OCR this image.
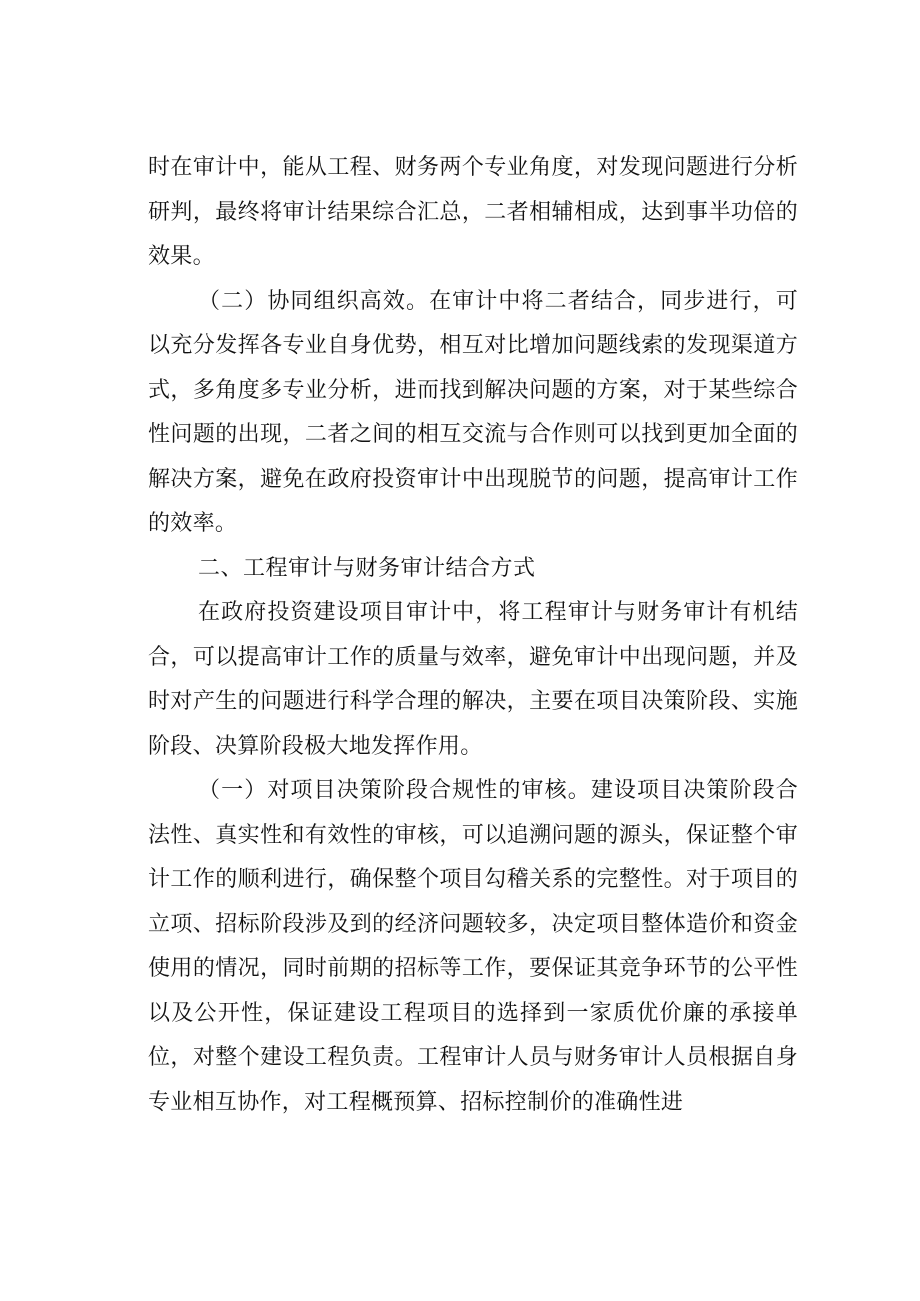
时在审计中，能从工程、财务两个专业角度，对发现问题进行分析研判，最终将审计结果综合汇总，二者相辅相成，达到事半功倍的效果。

（二）协同组织高效。在审计中将二者结合，同步进行，可以充分发挥各专业自身优势，相互对比增加问题线索的发现渠道方式，多角度多专业分析，进而找到解决问题的方案，对于某些综合性问题的出现，二者之间的相互交流与合作则可以找到更加全面的解决方案，避免在政府投资审计中出现脱节的问题，提高审计工作的效率。

二、工程审计与财务审计结合方式

在政府投资建设项目审计中，将工程审计与财务审计有机结合，可以提高审计工作的质量与效率，避免审计中出现问题，并及时对产生的问题进行科学合理的解决，主要在项目决策阶段、实施阶段、决算阶段极大地发挥作用。

（一）对项目决策阶段合规性的审核。建设项目决策阶段合法性、真实性和有效性的审核，可以追溯问题的源头，保证整个审计工作的顺利进行，确保整个项目勾稽关系的完整性。对于项目的立项、招标阶段涉及到的经济问题较多，决定项目整体造价和资金使用的情况，同时前期的招标等工作，要保证其竞争环节的公平性以及公开性，保证建设工程项目的选择到一家质优价廉的承接单位，对整个建设工程负责。工程审计人员与财务审计人员根据自身专业相互协作，对工程概预算、招标控制价的准确性进
